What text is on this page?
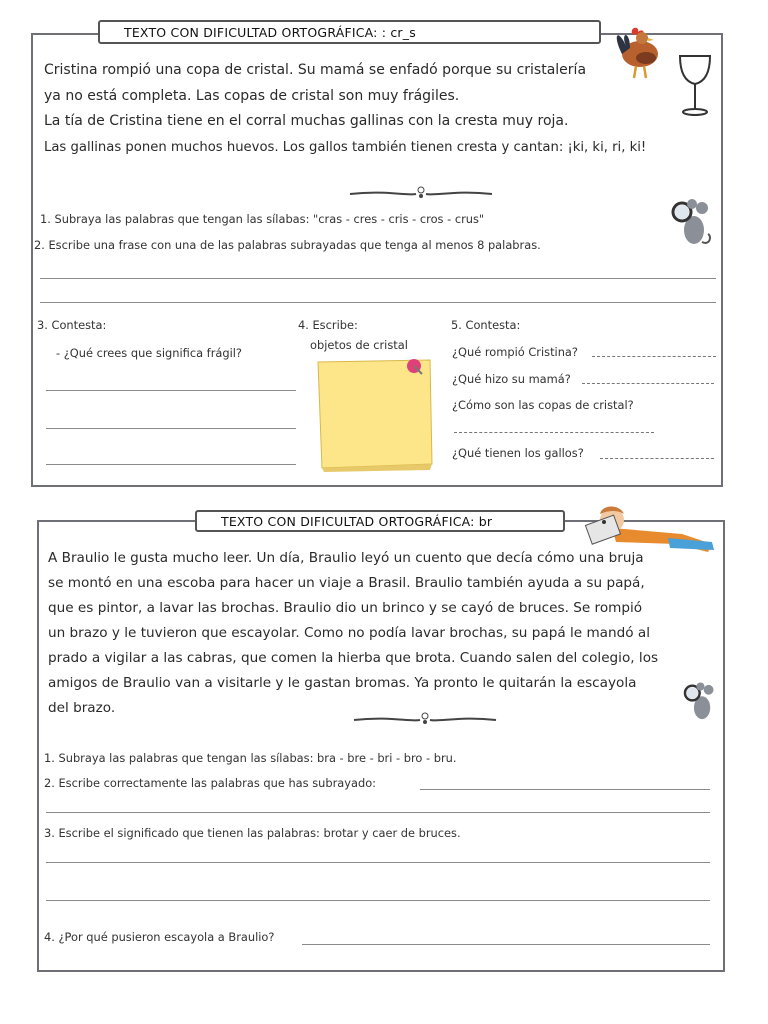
TEXTO CON DIFICULTAD ORTOGRÁFICA: : cr_s
Cristina rompió una copa de cristal. Su mamá se enfadó porque su cristalería
ya no está completa. Las copas de cristal son muy frágiles.
La tía de Cristina tiene en el corral muchas gallinas con la cresta muy roja.
Las gallinas ponen muchos huevos. Los gallos también tienen cresta y cantan: ¡ki, ki, ri, ki!
1. Subraya las palabras que tengan las sílabas: "cras - cres - cris - cros - crus"
2. Escribe una frase con una de las palabras subrayadas que tenga al menos 8 palabras.
3. Contesta:
- ¿Qué crees que significa frágil?
4. Escribe:
objetos de cristal
5. Contesta:
¿Qué rompió Cristina?
¿Qué hizo su mamá?
¿Cómo son las copas de cristal?
¿Qué tienen los gallos?
TEXTO CON DIFICULTAD ORTOGRÁFICA: br
A Braulio le gusta mucho leer. Un día, Braulio leyó un cuento que decía cómo una bruja
se montó en una escoba para hacer un viaje a Brasil. Braulio también ayuda a su papá,
que es pintor, a lavar las brochas. Braulio dio un brinco y se cayó de bruces. Se rompió
un brazo y le tuvieron que escayolar. Como no podía lavar brochas, su papá le mandó al
prado a vigilar a las cabras, que comen la hierba que brota. Cuando salen del colegio, los
amigos de Braulio van a visitarle y le gastan bromas. Ya pronto le quitarán la escayola
del brazo.
1. Subraya las palabras que tengan las sílabas: bra - bre - bri - bro - bru.
2. Escribe correctamente las palabras que has subrayado:
3. Escribe el significado que tienen las palabras: brotar y caer de bruces.
4. ¿Por qué pusieron escayola a Braulio?
